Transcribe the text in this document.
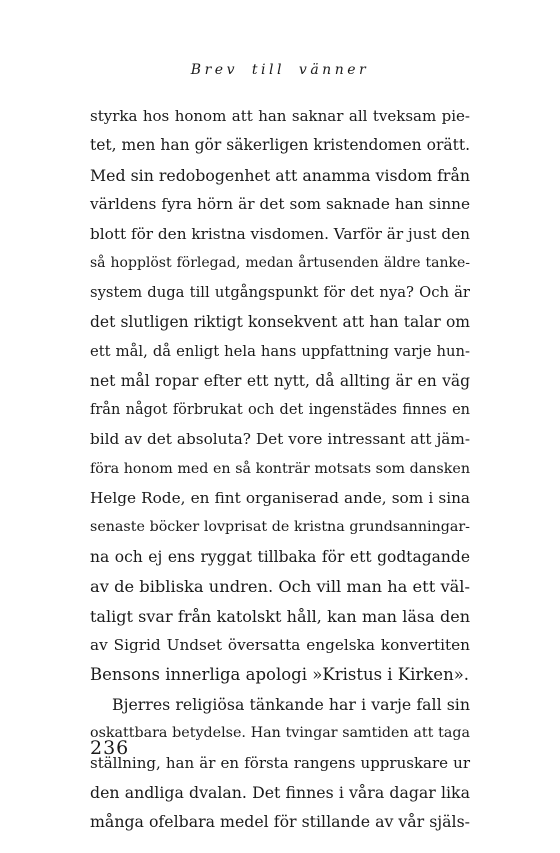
Brev till vänner
styrka hos honom att han saknar all tveksam pie-
tet, men han gör säkerligen kristendomen orätt.
Med sin redobogenhet att anamma visdom från
världens fyra hörn är det som saknade han sinne
blott för den kristna visdomen. Varför är just den
så hopplöst förlegad, medan årtusenden äldre tanke-
system duga till utgångspunkt för det nya? Och är
det slutligen riktigt konsekvent att han talar om
ett mål, då enligt hela hans uppfattning varje hun-
net mål ropar efter ett nytt, då allting är en väg
från något förbrukat och det ingenstädes finnes en
bild av det absoluta? Det vore intressant att jäm-
föra honom med en så konträr motsats som dansken
Helge Rode, en fint organiserad ande, som i sina
senaste böcker lovprisat de kristna grundsanningar-
na och ej ens ryggat tillbaka för ett godtagande
av de bibliska undren. Och vill man ha ett väl-
taligt svar från katolskt håll, kan man läsa den
av Sigrid Undset översatta engelska konvertiten
Bensons innerliga apologi »Kristus i Kirken».
Bjerres religiösa tänkande har i varje fall sin
oskattbara betydelse. Han tvingar samtiden att taga
ställning, han är en första rangens uppruskare ur
den andliga dvalan. Det finnes i våra dagar lika
många ofelbara medel för stillande av vår själs-
236
